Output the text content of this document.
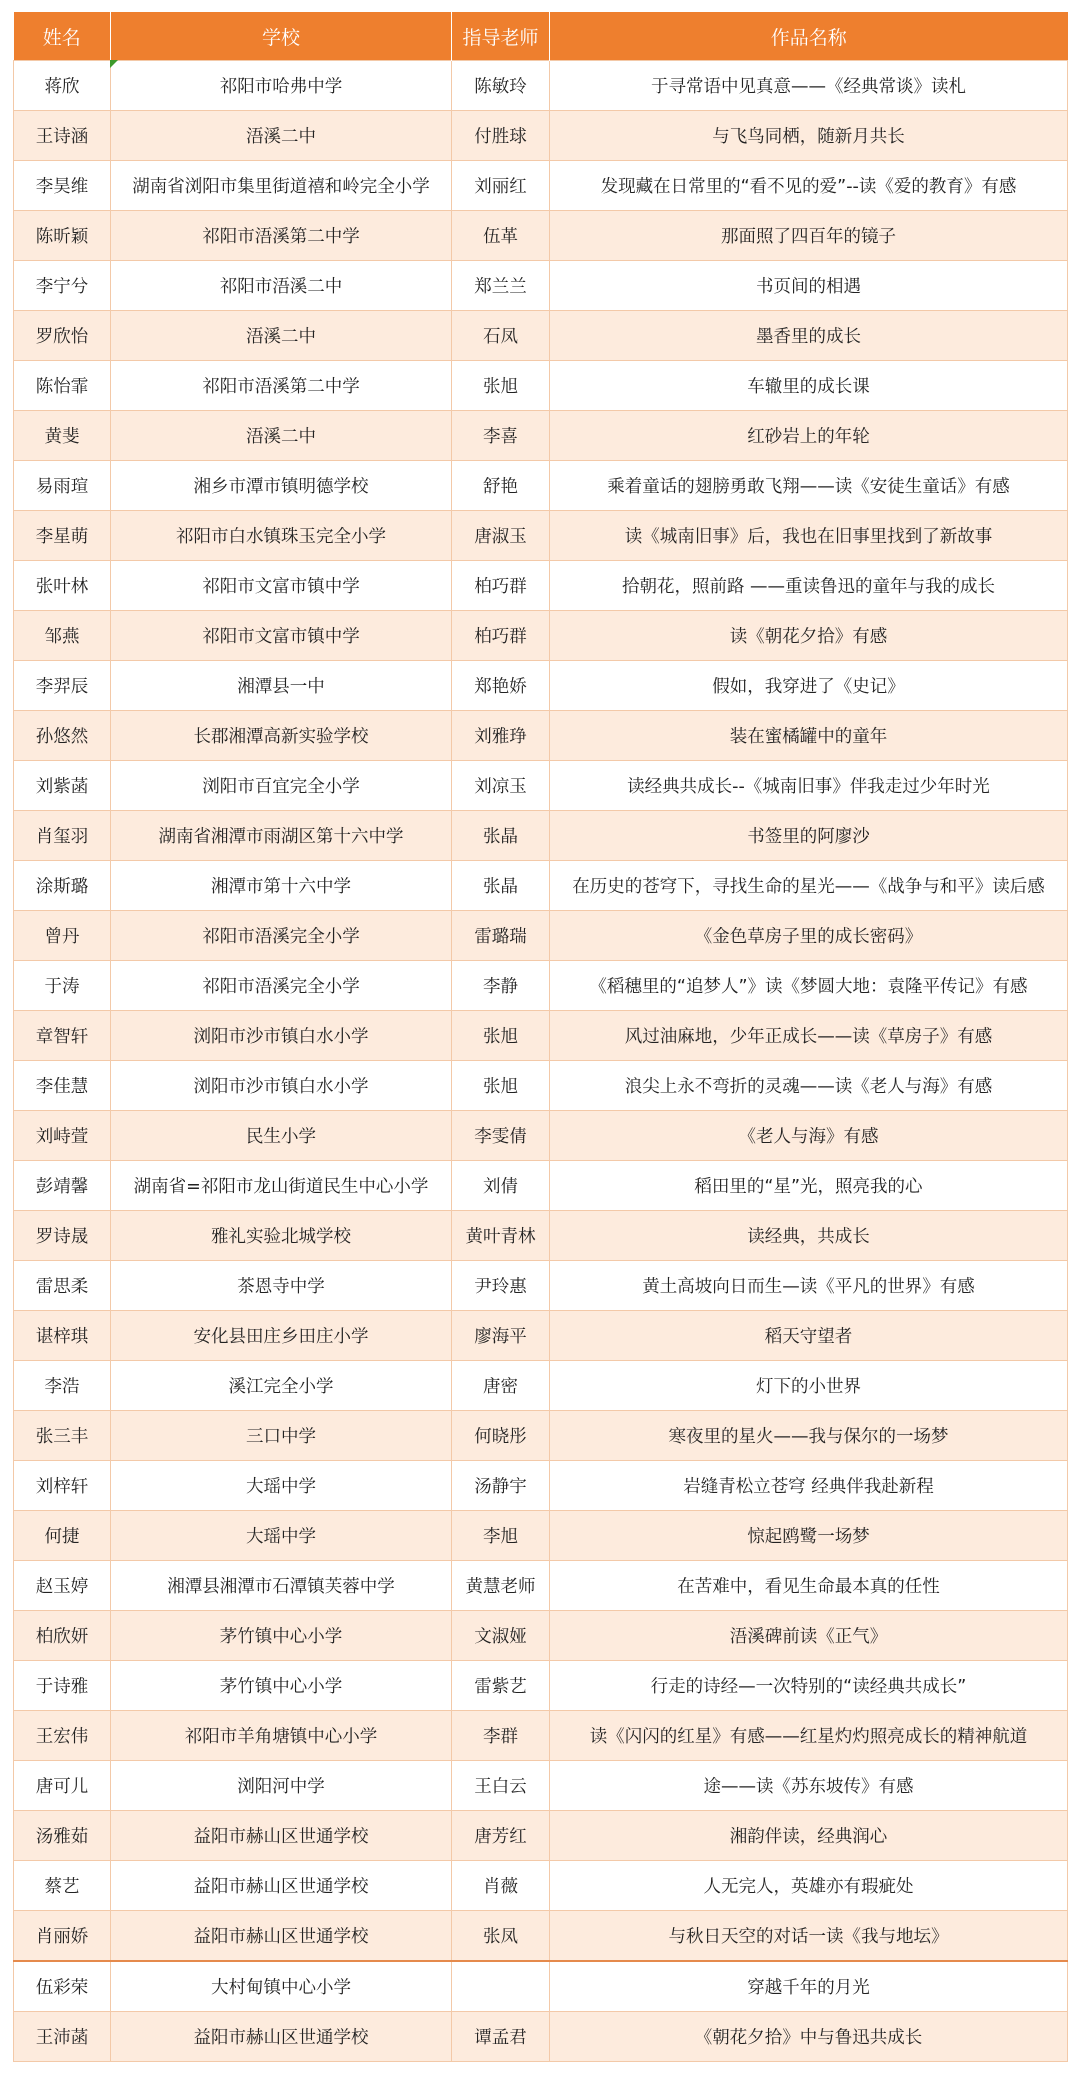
姓名	学校	指导老师	作品名称
蒋欣	祁阳市哈弗中学	陈敏玲	于寻常语中见真意——《经典常谈》读札
王诗涵	浯溪二中	付胜球	与飞鸟同栖，随新月共长
李昊维	湖南省浏阳市集里街道禧和岭完全小学	刘丽红	发现藏在日常里的“看不见的爱”--读《爱的教育》有感
陈昕颖	祁阳市浯溪第二中学	伍革	那面照了四百年的镜子
李宁兮	祁阳市浯溪二中	郑兰兰	书页间的相遇
罗欣怡	浯溪二中	石凤	墨香里的成长
陈怡霏	祁阳市浯溪第二中学	张旭	车辙里的成长课
黄斐	浯溪二中	李喜	红砂岩上的年轮
易雨瑄	湘乡市潭市镇明德学校	舒艳	乘着童话的翅膀勇敢飞翔——读《安徒生童话》有感
李星萌	祁阳市白水镇珠玉完全小学	唐淑玉	读《城南旧事》后，我也在旧事里找到了新故事
张叶林	祁阳市文富市镇中学	柏巧群	拾朝花，照前路 ——重读鲁迅的童年与我的成长
邹燕	祁阳市文富市镇中学	柏巧群	读《朝花夕拾》有感
李羿辰	湘潭县一中	郑艳娇	假如，我穿进了《史记》
孙悠然	长郡湘潭高新实验学校	刘雅琤	装在蜜橘罐中的童年
刘紫菡	浏阳市百宜完全小学	刘凉玉	读经典共成长--《城南旧事》伴我走过少年时光
肖玺羽	湖南省湘潭市雨湖区第十六中学	张晶	书签里的阿廖沙
涂斯璐	湘潭市第十六中学	张晶	在历史的苍穹下，寻找生命的星光——《战争与和平》读后感
曾丹	祁阳市浯溪完全小学	雷璐瑞	《金色草房子里的成长密码》
于涛	祁阳市浯溪完全小学	李静	《稻穗里的“追梦人”》读《梦圆大地：袁隆平传记》有感
章智轩	浏阳市沙市镇白水小学	张旭	风过油麻地，少年正成长——读《草房子》有感
李佳慧	浏阳市沙市镇白水小学	张旭	浪尖上永不弯折的灵魂——读《老人与海》有感
刘峙萱	民生小学	李雯倩	《老人与海》有感
彭靖馨	湖南省=祁阳市龙山街道民生中心小学	刘倩	稻田里的“星”光，照亮我的心
罗诗晟	雅礼实验北城学校	黄叶青林	读经典，共成长
雷思柔	茶恩寺中学	尹玲惠	黄土高坡向日而生—读《平凡的世界》有感
谌梓琪	安化县田庄乡田庄小学	廖海平	稻天守望者
李浩	溪江完全小学	唐密	灯下的小世界
张三丰	三口中学	何晓彤	寒夜里的星火——我与保尔的一场梦
刘梓轩	大瑶中学	汤静宇	岩缝青松立苍穹 经典伴我赴新程
何捷	大瑶中学	李旭	惊起鸥鹭一场梦
赵玉婷	湘潭县湘潭市石潭镇芙蓉中学	黄慧老师	在苦难中，看见生命最本真的任性
柏欣妍	茅竹镇中心小学	文淑娅	浯溪碑前读《正气》
于诗雅	茅竹镇中心小学	雷紫艺	行走的诗经—一次特别的“读经典共成长”
王宏伟	祁阳市羊角塘镇中心小学	李群	读《闪闪的红星》有感——红星灼灼照亮成长的精神航道
唐可儿	浏阳河中学	王白云	途——读《苏东坡传》有感
汤雅茹	益阳市赫山区世通学校	唐芳红	湘韵伴读，经典润心
蔡艺	益阳市赫山区世通学校	肖薇	人无完人，英雄亦有瑕疵处
肖丽娇	益阳市赫山区世通学校	张凤	与秋日天空的对话一读《我与地坛》
伍彩荣	大村甸镇中心小学		穿越千年的月光
王沛菡	益阳市赫山区世通学校	谭孟君	《朝花夕拾》中与鲁迅共成长
